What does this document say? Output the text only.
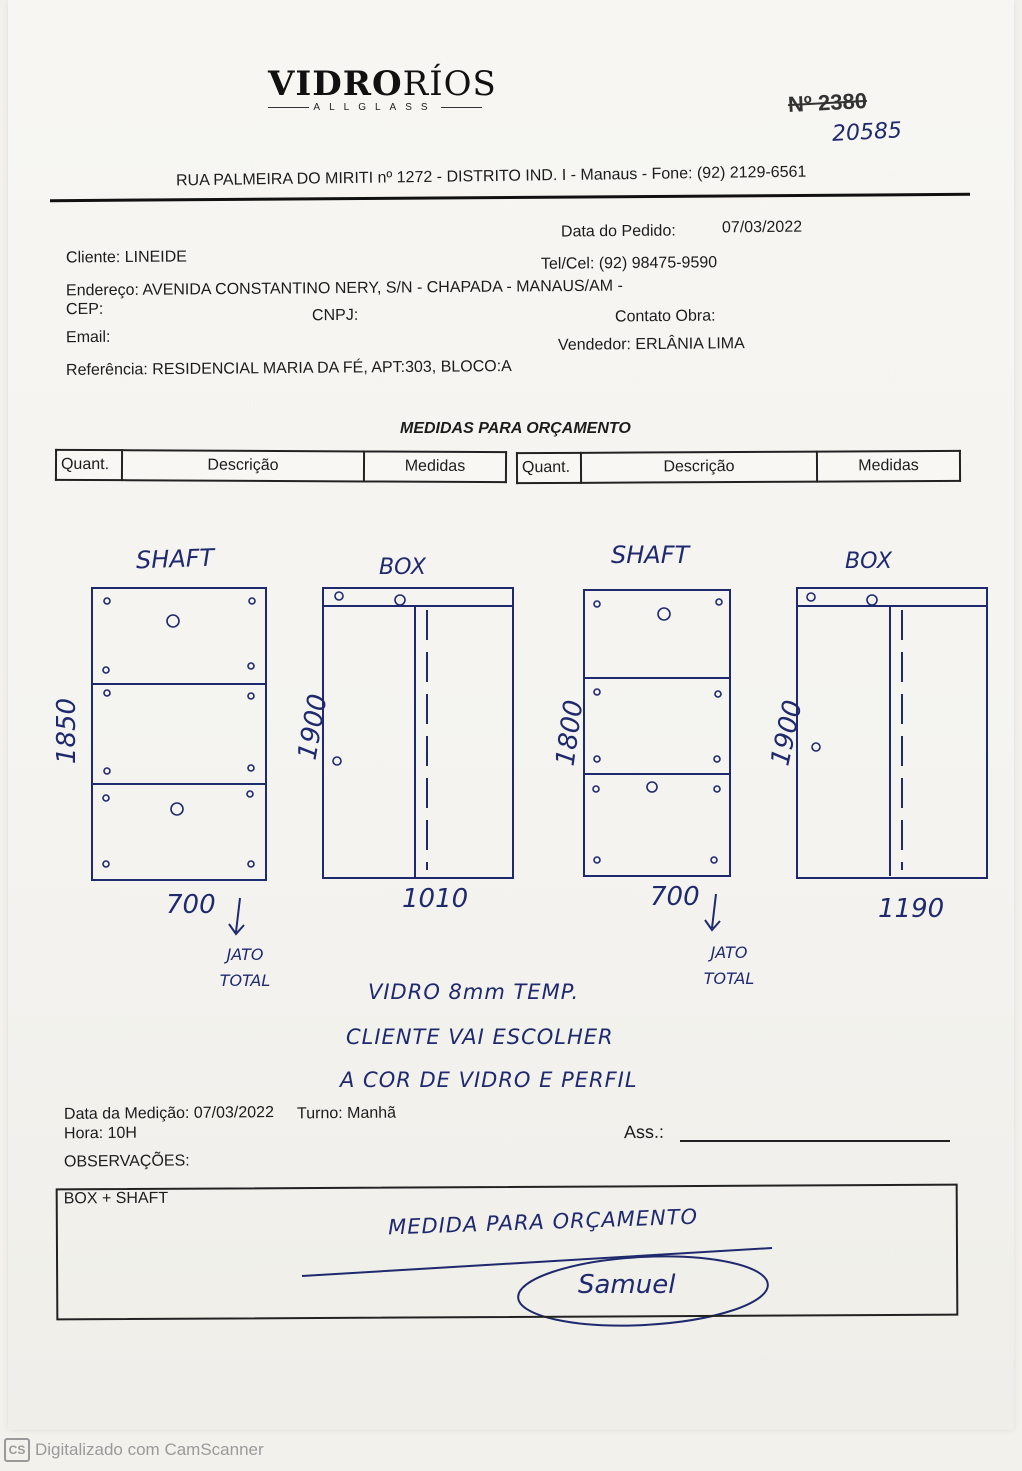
VIDRORÍOS
ALLGLASS	Nº 2380
20585
RUA PALMEIRA DO MIRITI nº 1272 - DISTRITO IND. I - Manaus - Fone: (92) 2129-6561
Data do Pedido:	07/03/2022
Cliente: LINEIDE	Tel/Cel: (92) 98475-9590
Endereço: AVENIDA CONSTANTINO NERY, S/N - CHAPADA - MANAUS/AM -
CEP:	CNPJ:	Contato Obra:
Email:	Vendedor: ERLÂNIA LIMA
Referência: RESIDENCIAL MARIA DA FÉ, APT:303, BLOCO:A
MEDIDAS PARA ORÇAMENTO
Quant.	Descrição	Medidas	Quant.	Descrição	Medidas
SHAFT	BOX	SHAFT	BOX
1850	1900	1800	1900
700	1010	700	1190
JATO TOTAL
JATO TOTAL
VIDRO 8mm TEMP.
CLIENTE VAI ESCOLHER
A COR DE VIDRO E PERFIL
Data da Medição: 07/03/2022 Turno: Manhã
Hora: 10H	Ass.:
OBSERVAÇÕES:
BOX + SHAFT
MEDIDA PARA ORÇAMENTO
Samuel
CS Digitalizado com CamScanner
